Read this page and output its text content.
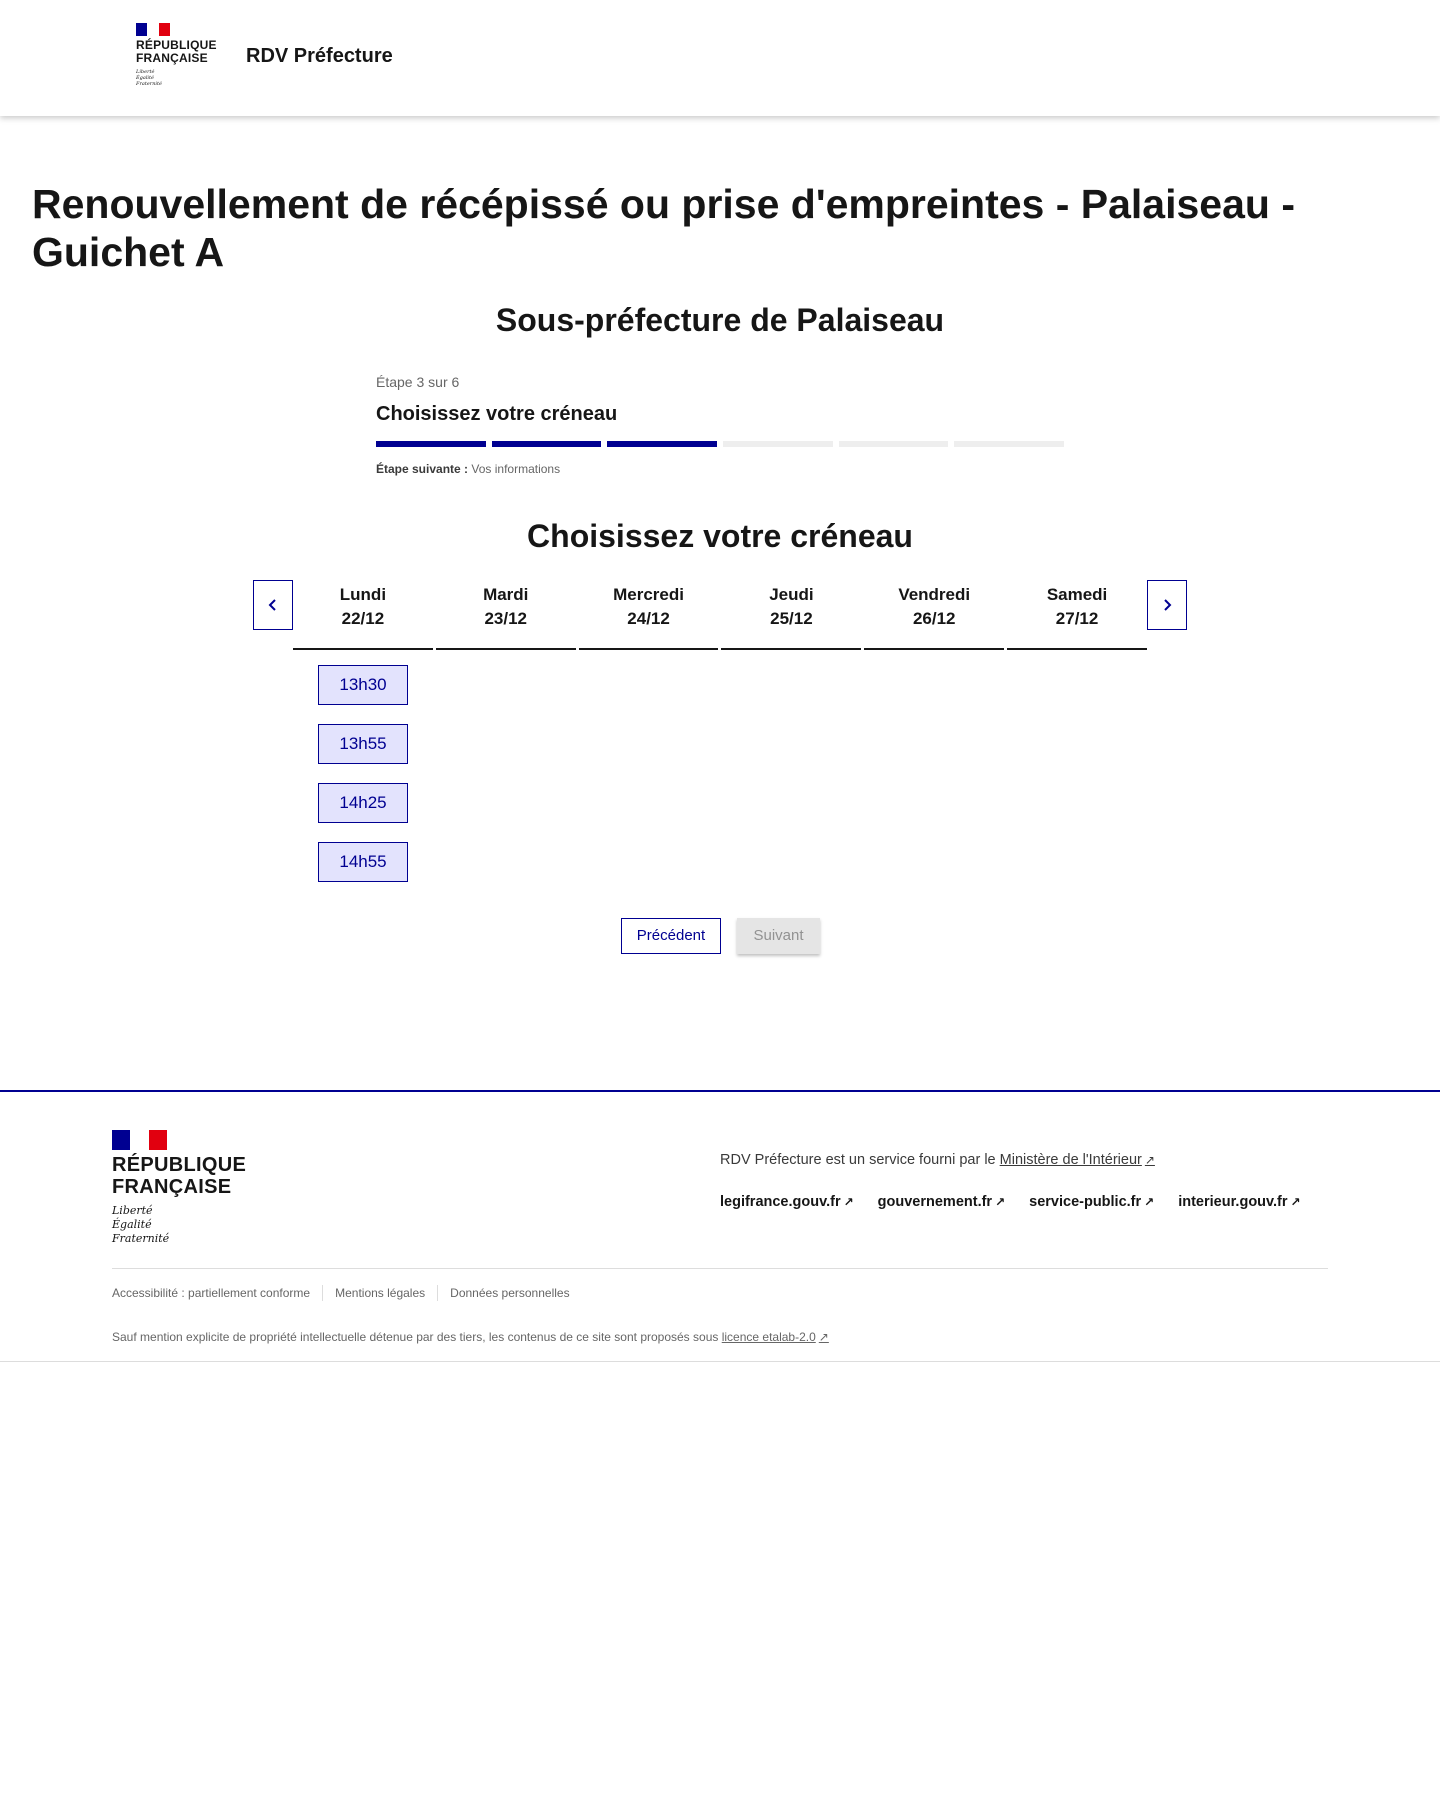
RÉPUBLIQUE
FRANÇAISE
Liberté
Égalité
Fraternité
RDV Préfecture
Renouvellement de récépissé ou prise d'empreintes - Palaiseau - Guichet A
Sous-préfecture de Palaiseau

Étape 3 sur 6

Choisissez votre créneau

Étape suivante : Vos informations

Choisissez votre créneau
Lundi
22/12
Mardi
23/12
Mercredi
24/12
Jeudi
25/12
Vendredi
26/12
Samedi
27/12
13h30
13h55
14h25
14h55
Précédent	Suivant
RÉPUBLIQUE
FRANÇAISE
Liberté
Égalité
Fraternité

RDV Préfecture est un service fourni par le Ministère de l'Intérieur ↗

legifrance.gouv.fr ↗ gouvernement.fr ↗ service-public.fr ↗ interieur.gouv.fr ↗
Accessibilité : partiellement conforme Mentions légales Données personnelles

Sauf mention explicite de propriété intellectuelle détenue par des tiers, les contenus de ce site sont proposés sous licence etalab-2.0 ↗
